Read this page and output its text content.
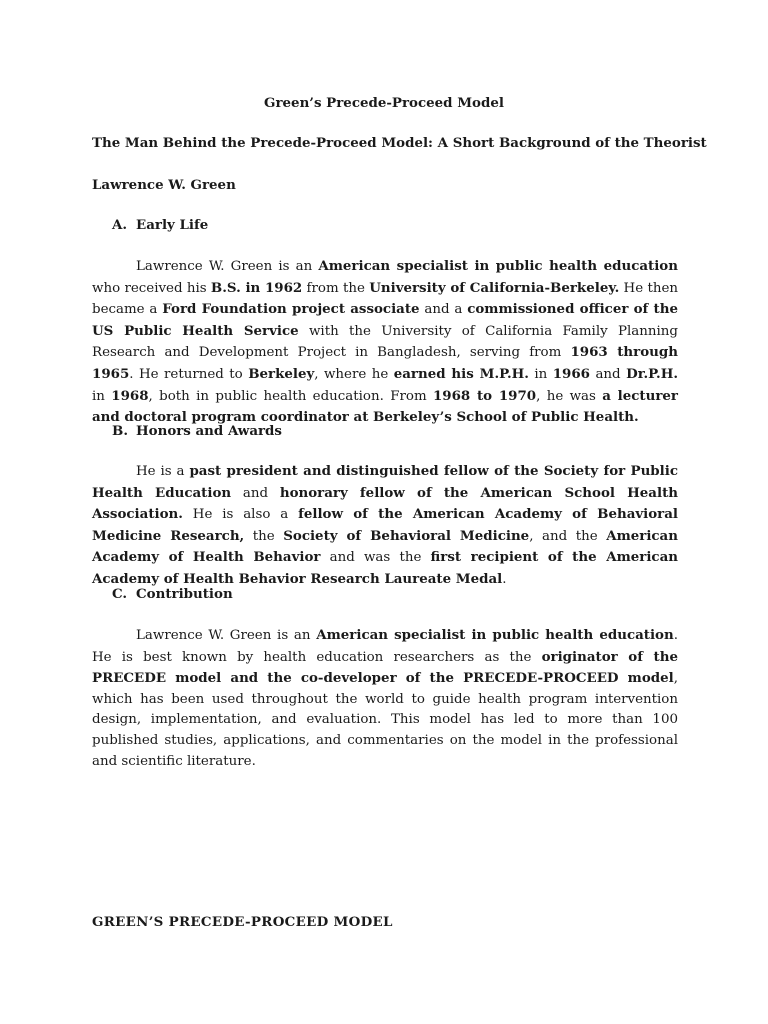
Green’s Precede-Proceed Model
The Man Behind the Precede-Proceed Model: A Short Background of the Theorist
Lawrence W. Green
A. Early Life
Lawrence W. Green is an American specialist in public health education who received his B.S. in 1962 from the University of California-Berkeley. He then became a Ford Foundation project associate and a commissioned officer of the US Public Health Service with the University of California Family Planning Research and Development Project in Bangladesh, serving from 1963 through 1965. He returned to Berkeley, where he earned his M.P.H. in 1966 and Dr.P.H. in 1968, both in public health education. From 1968 to 1970, he was a lecturer and doctoral program coordinator at Berkeley’s School of Public Health.
B. Honors and Awards
He is a past president and distinguished fellow of the Society for Public Health Education and honorary fellow of the American School Health Association. He is also a fellow of the American Academy of Behavioral Medicine Research, the Society of Behavioral Medicine, and the American Academy of Health Behavior and was the first recipient of the American Academy of Health Behavior Research Laureate Medal.
C. Contribution
Lawrence W. Green is an American specialist in public health education. He is best known by health education researchers as the originator of the PRECEDE model and the co-developer of the PRECEDE-PROCEED model, which has been used throughout the world to guide health program intervention design, implementation, and evaluation. This model has led to more than 100 published studies, applications, and commentaries on the model in the professional and scientific literature.
GREEN’S PRECEDE-PROCEED MODEL
